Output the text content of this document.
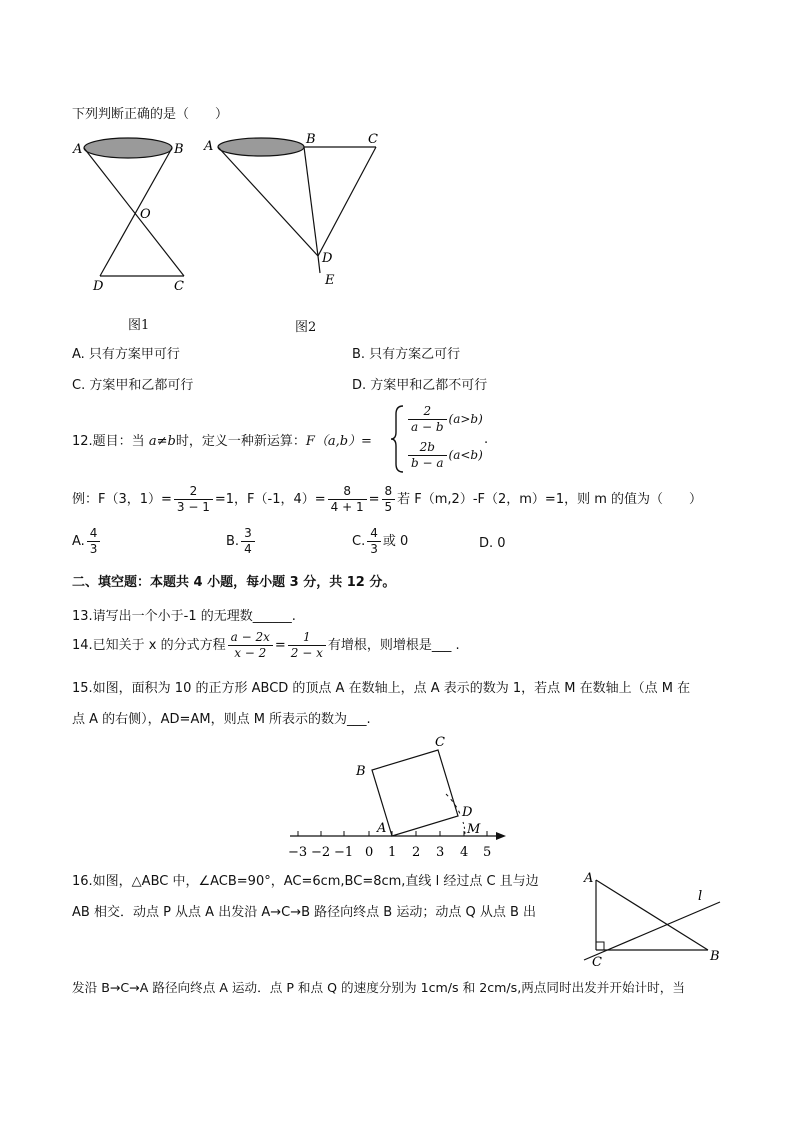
下列判断正确的是（　　）
A	B
O
D	C
图1
A	B	C
D
E
图2
A. 只有方案甲可行	B. 只有方案乙可行
C. 方案甲和乙都可行	D. 方案甲和乙都不可行
12.题目：当 a≠b时，定义一种新运算：F（a,b）=
$\frac{2}{a - b} (a>b)$
$\frac{2b}{b - a} (a<b)$
.
例：F（3，$1)= \frac{2}{3 - 1} =1$，F（-1，$4)= \frac{8}{4 + 1} = \frac{8}{5}$ 若 F（m,2）-F（2，m）=1，则 m 的值为（　　）
A. $\frac{4}{3}$	B. $\frac{3}{4}$	C. $\frac{4}{3}$ 或 0	D. 0
二、填空题：本题共 4 小题，每小题 3 分，共 12 分。
13.请写出一个小于-1 的无理数______.
14.已知关于 x 的分式方程 $\frac{a - 2x}{x - 2} = \frac{1}{2 - x}$ 有增根，则增根是___ .
15.如图，面积为 10 的正方形 ABCD 的顶点 A 在数轴上，点 A 表示的数为 1，若点 M 在数轴上（点 M 在
点 A 的右侧），AD=AM，则点 M 所表示的数为___.
−3 −2 −1 0 1 2 3 4 5
B
C
D
A	M
16.如图，△ABC 中，∠ACB=90°，AC=6cm,BC=8cm,直线 l 经过点 C 且与边
AB 相交．动点 P 从点 A 出发沿 A→C→B 路径向终点 B 运动；动点 Q 从点 B 出
发沿 B→C→A 路径向终点 A 运动．点 P 和点 Q 的速度分别为 1cm/s 和 2cm/s,两点同时出发并开始计时，当
A
B
C
l
